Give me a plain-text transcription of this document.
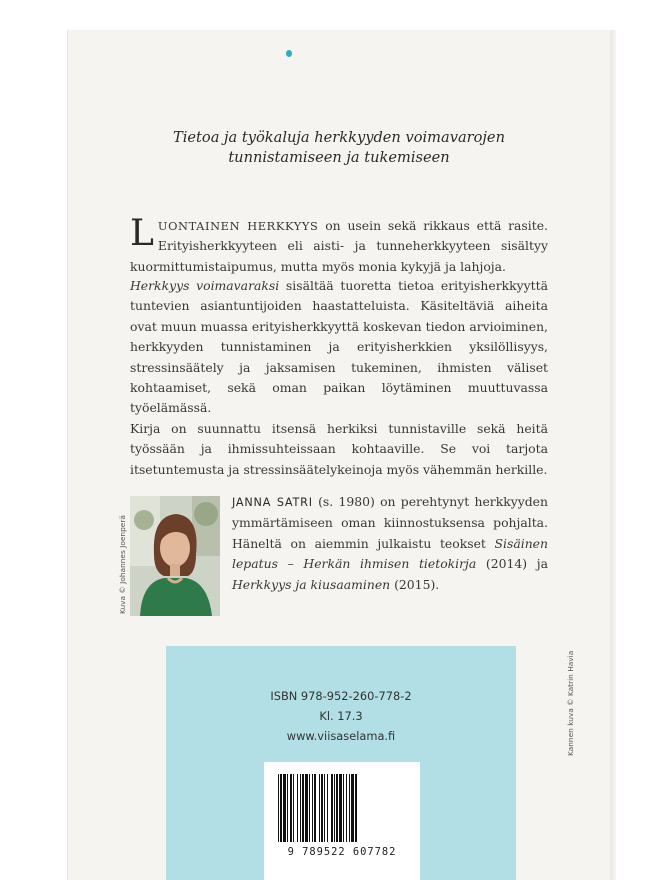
Tietoa ja työkaluja herkkyyden voimavarojen
tunnistamiseen ja tukemiseen
LUONTAINEN HERKKYYS on usein sekä rikkaus että rasite. Erityisherkkyyteen eli aisti- ja tunneherkkyyteen sisältyy kuormittumistaipumus, mutta myös monia kykyjä ja lahjoja.
Herkkyys voimavaraksi sisältää tuoretta tietoa erityisherkkyyttä tuntevien asiantuntijoiden haastatteluista. Käsiteltäviä aiheita ovat muun muassa erityisherkkyyttä koskevan tiedon arvioiminen, herkkyyden tunnistaminen ja erityisherkkien yksilöllisyys, stressinsäätely ja jaksamisen tukeminen, ihmisten väliset kohtaamiset, sekä oman paikan löytäminen muuttuvassa työelämässä.
Kirja on suunnattu itsensä herkiksi tunnistaville sekä heitä työssään ja ihmissuhteissaan kohtaaville. Se voi tarjota itsetuntemusta ja stressinsäätelykeinoja myös vähemmän herkille.
Kuva © Johannes Joenperä
JANNA SATRI (s. 1980) on perehtynyt herkkyyden ymmärtämiseen oman kiinnostuksensa pohjalta. Häneltä on aiemmin julkaistu teokset Sisäinen lepatus – Herkän ihmisen tietokirja (2014) ja Herkkyys ja kiusaaminen (2015).
ISBN 978-952-260-778-2
Kl. 17.3
www.viisaselama.fi
9 789522 607782
Kannen kuva © Katrin Havia
